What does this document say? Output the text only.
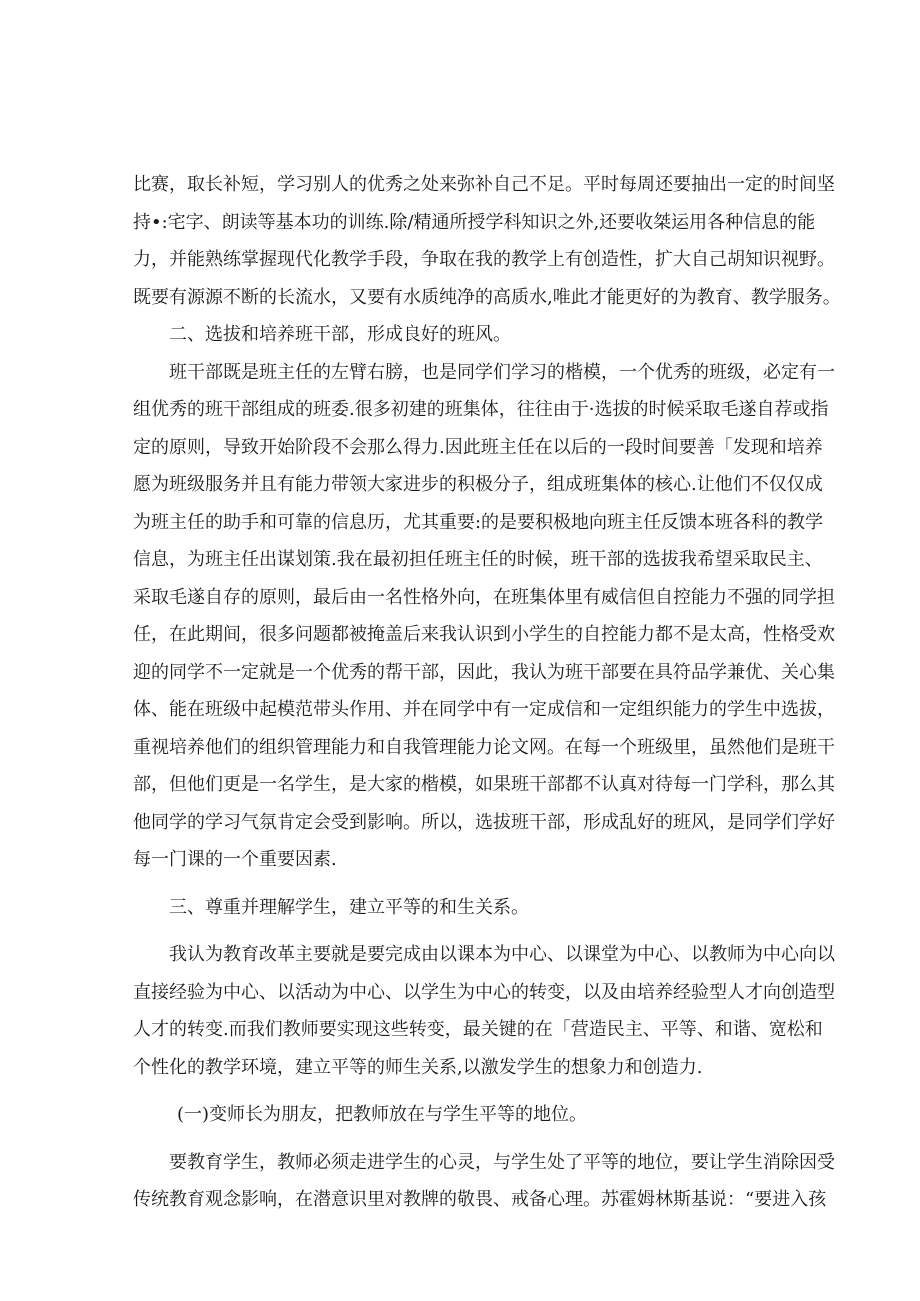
比赛，取长补短，学习别人的优秀之处来弥补自己不足。平时每周还要抽出一定的时间坚
持•:宅字、朗读等基本功的训练.除/精通所授学科知识之外,还要收桀运用各种信息的能
力，并能熟练掌握现代化教学手段，争取在我的教学上有创造性，扩大自己胡知识视野。
既要有源源不断的长流水，又要有水质纯净的高质水,唯此才能更好的为教育、教学服务。
二、选拔和培养班干部，形成良好的班风。
班干部既是班主任的左臂右膀，也是同学们学习的楷模，一个优秀的班级，必定有一
组优秀的班干部组成的班委.很多初建的班集体，往往由于·选拔的时候采取毛遂自荐或指
定的原则，导致开始阶段不会那么得力.因此班主任在以后的一段时间要善「发现和培养
愿为班级服务并且有能力带领大家进步的积极分子，组成班集体的核心.让他们不仅仅成
为班主任的助手和可靠的信息历，尤其重要:的是要积极地向班主任反馈本班各科的教学
信息，为班主任出谋划策.我在最初担任班主任的时候，班干部的选拔我希望采取民主、
采取毛遂自存的原则，最后由一名性格外向，在班集体里有威信但自控能力不强的同学担
任，在此期间，很多问题都被掩盖后来我认识到小学生的自控能力都不是太高，性格受欢
迎的同学不一定就是一个优秀的帮干部，因此，我认为班干部要在具符品学兼优、关心集
体、能在班级中起模范带头作用、并在同学中有一定成信和一定组织能力的学生中选拔，
重视培养他们的组织管理能力和自我管理能力论文网。在每一个班级里，虽然他们是班干
部，但他们更是一名学生，是大家的楷模，如果班干部都不认真对待每一门学科，那么其
他同学的学习气氛肯定会受到影响。所以，选拔班干部，形成乱好的班风，是同学们学好
每一门课的一个重要因素.
三、尊重并理解学生，建立平等的和生关系。
我认为教育改革主要就是要完成由以课本为中心、以课堂为中心、以教师为中心向以
直接经验为中心、以活动为中心、以学生为中心的转变，以及由培养经验型人才向创造型
人才的转变.而我们教师要实现这些转变，最关键的在「营造民主、平等、和谐、宽松和
个性化的教学环境，建立平等的师生关系,以激发学生的想象力和创造力.
(一)变师长为朋友，把教师放在与学生平等的地位。
要教育学生，教师必须走进学生的心灵，与学生处了平等的地位，要让学生消除因受
传统教育观念影响，在潜意识里对教牌的敬畏、戒备心理。苏霍姆林斯基说：“要进入孩
